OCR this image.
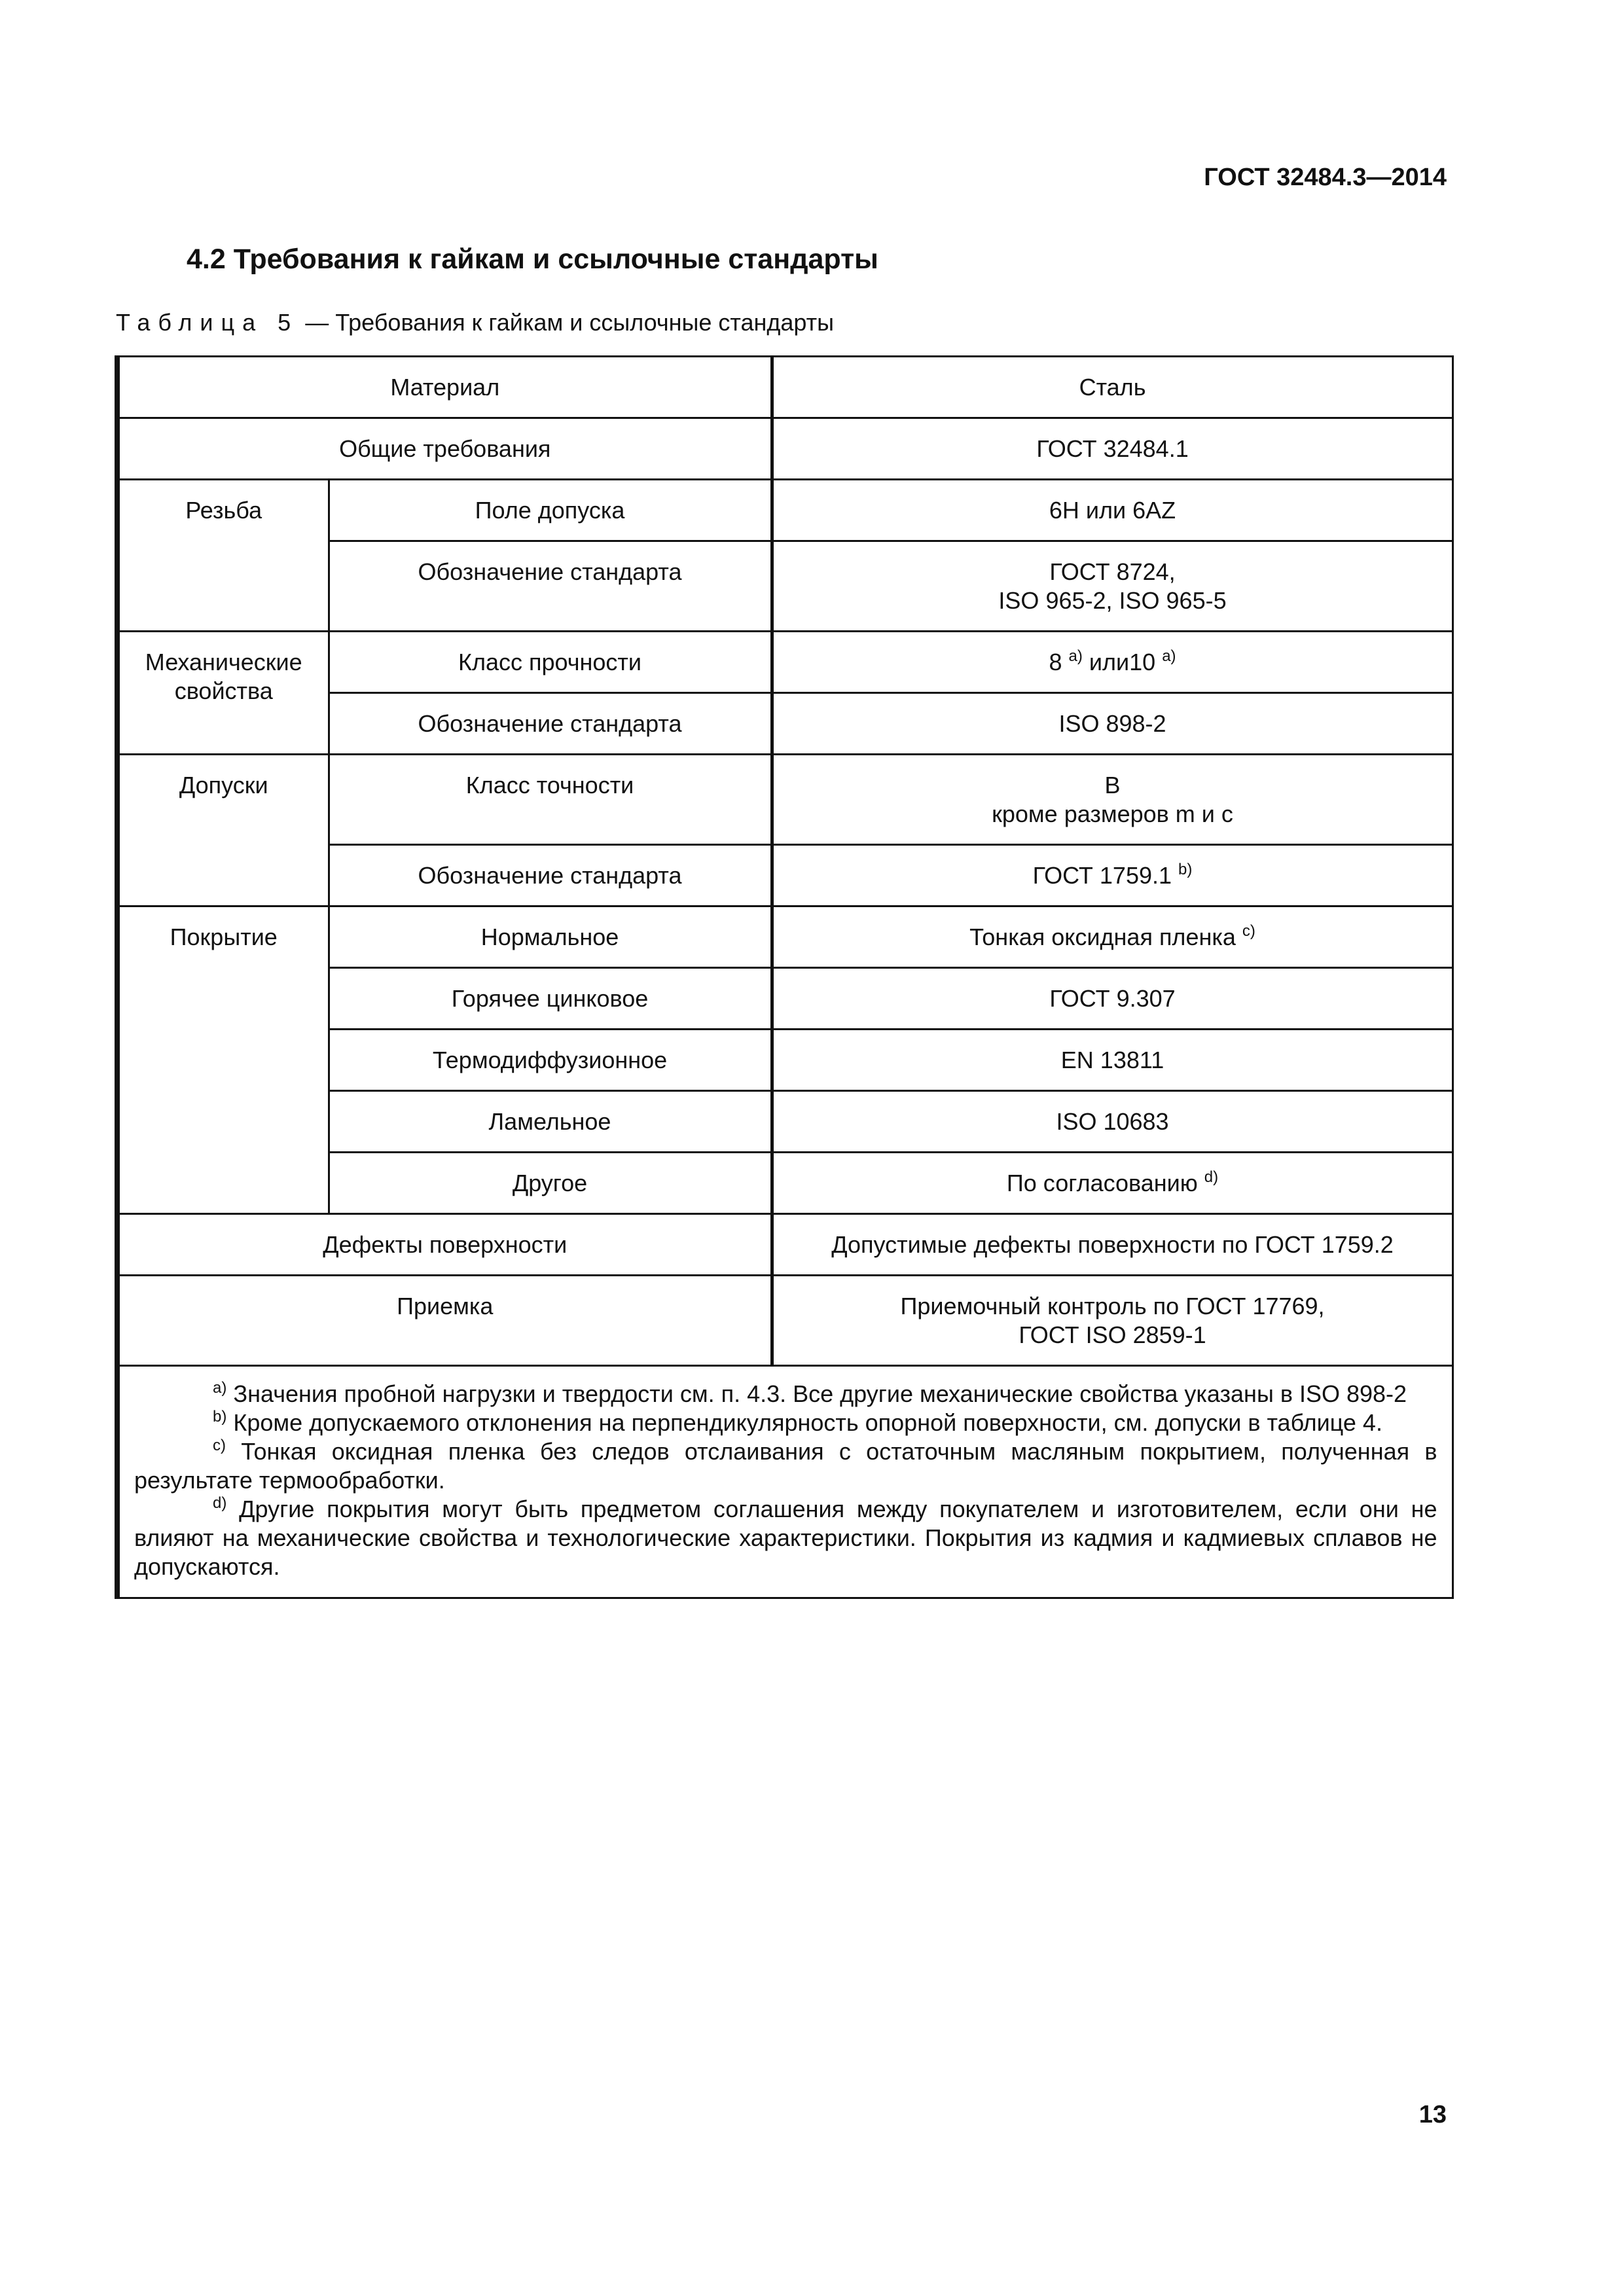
ГОСТ 32484.3—2014
4.2 Требования к гайкам и ссылочные стандарты
Таблица 5 — Требования к гайкам и ссылочные стандарты
Материал		Сталь
Общие требования		ГОСТ 32484.1
Резьба	Поле допуска	6H или 6AZ
	Обозначение стандарта	ГОСТ 8724,
ISO 965-2, ISO 965-5
Механические
свойства	Класс прочности	8 $^{a)}$ или10 $^{a)}$
	Обозначение стандарта	ISO 898-2
Допуски	Класс точности	B
кроме размеров m и c
	Обозначение стандарта	ГОСТ 1759.1 $^{b)}$
Покрытие	Нормальное	Тонкая оксидная пленка $^{c)}$
	Горячее цинковое	ГОСТ 9.307
	Термодиффузионное	EN 13811
	Ламельное	ISO 10683
	Другое	По согласованию $^{d)}$
Дефекты поверхности		Допустимые дефекты поверхности по ГОСТ 1759.2
Приемка		Приемочный контроль по ГОСТ 17769,
ГОСТ ISO 2859-1

$^{a)}$ Значения пробной нагрузки и твердости см. п. 4.3. Все другие механические свойства указаны в ISO 898-2
$^{b)}$ Кроме допускаемого отклонения на перпендикулярность опорной поверхности, см. допуски в таблице 4.
$^{c)}$ Тонкая оксидная пленка без следов отслаивания с остаточным масляным покрытием, полученная в результате термообработки.
$^{d)}$ Другие покрытия могут быть предметом соглашения между покупателем и изготовителем, если они не влияют на механические свойства и технологические характеристики. Покрытия из кадмия и кадмиевых сплавов не допускаются.		
13
